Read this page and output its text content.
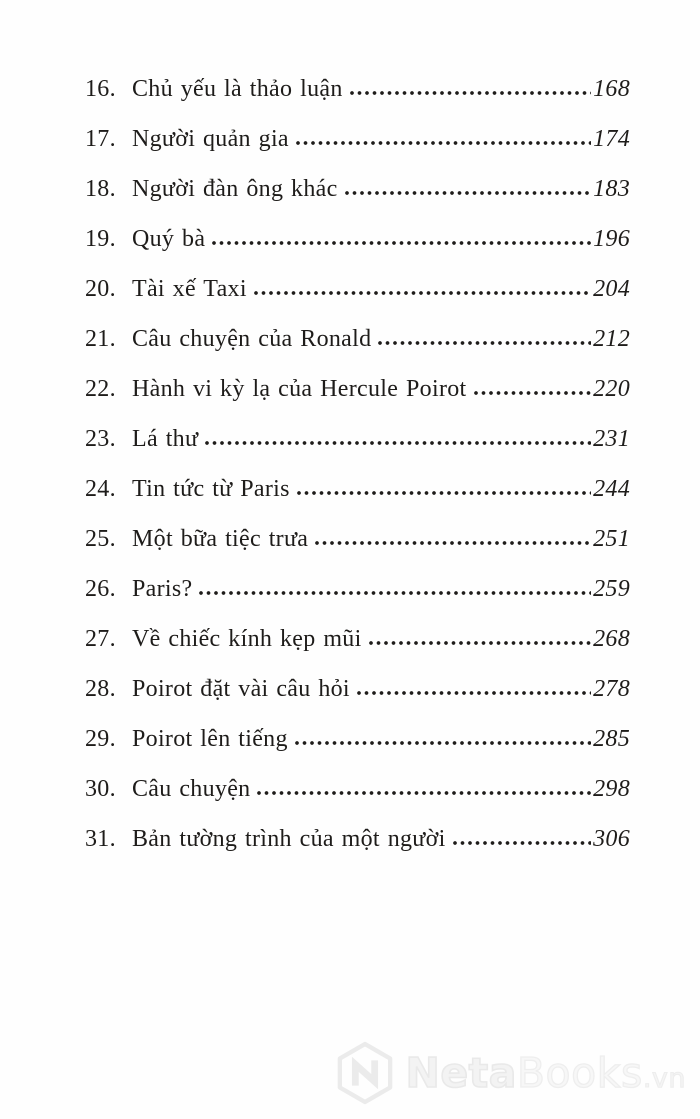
16. Chủ yếu là thảo luận	168
17. Người quản gia	174
18. Người đàn ông khác	183
19. Quý bà	196
20. Tài xế Taxi	204
21. Câu chuyện của Ronald	212
22. Hành vi kỳ lạ của Hercule Poirot	220
23. Lá thư	231
24. Tin tức từ Paris	244
25. Một bữa tiệc trưa	251
26. Paris?	259
27. Về chiếc kính kẹp mũi	268
28. Poirot đặt vài câu hỏi	278
29. Poirot lên tiếng	285
30. Câu chuyện	298
31. Bản tường trình của một người	306
NetaBooks.vn
